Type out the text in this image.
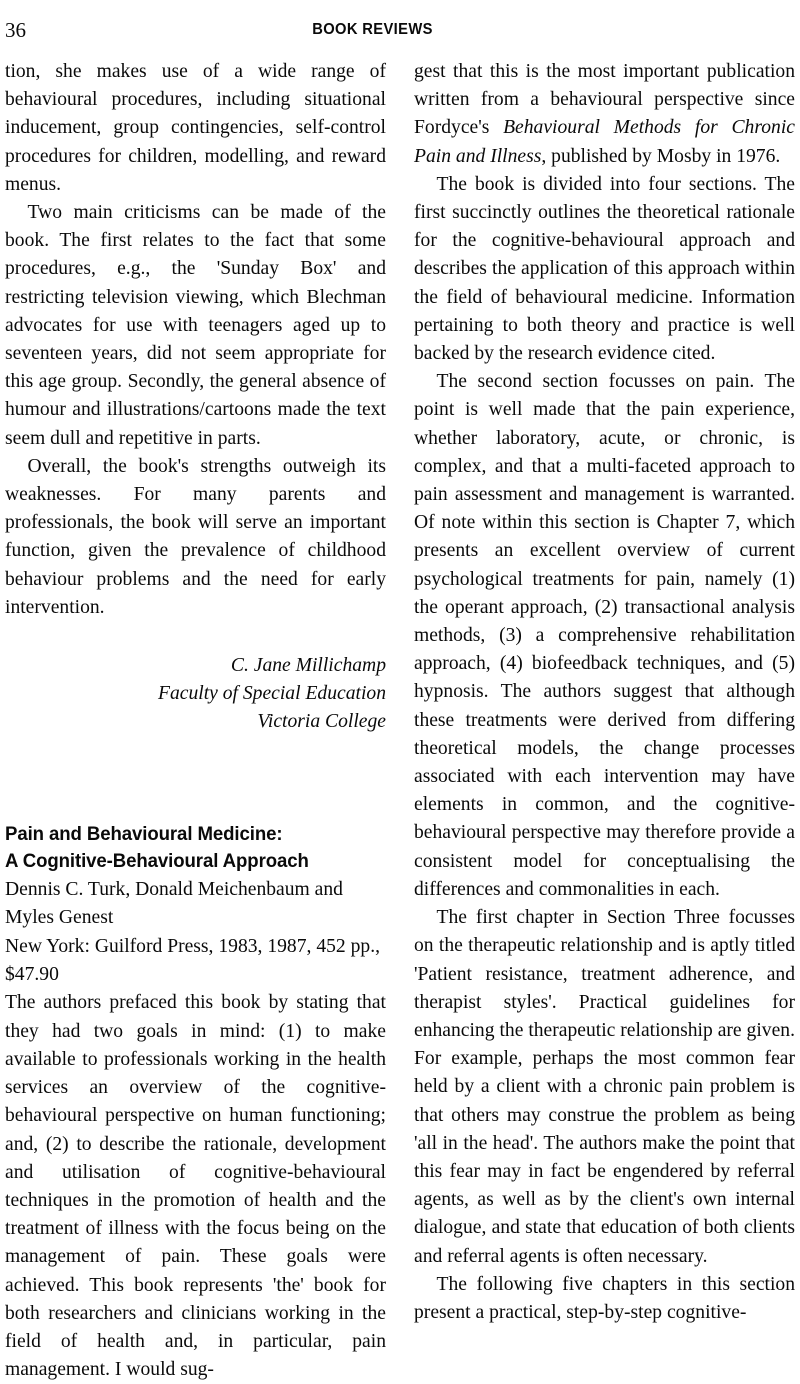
36	BOOK REVIEWS

tion, she makes use of a wide range of behavioural procedures, including situational inducement, group contingencies, self-control procedures for children, modelling, and reward menus.

Two main criticisms can be made of the book. The first relates to the fact that some procedures, e.g., the 'Sunday Box' and restricting television viewing, which Blechman advocates for use with teenagers aged up to seventeen years, did not seem appropriate for this age group. Secondly, the general absence of humour and illustrations/cartoons made the text seem dull and repetitive in parts.

Overall, the book's strengths outweigh its weaknesses. For many parents and professionals, the book will serve an important function, given the prevalence of childhood behaviour problems and the need for early intervention.

C. Jane Millichamp
Faculty of Special Education
Victoria College
Pain and Behavioural Medicine:
A Cognitive-Behavioural Approach
Dennis C. Turk, Donald Meichenbaum and Myles Genest
New York: Guilford Press, 1983, 1987, 452 pp., $47.90

The authors prefaced this book by stating that they had two goals in mind: (1) to make available to professionals working in the health services an overview of the cognitive-behavioural perspective on human functioning; and, (2) to describe the rationale, development and utilisation of cognitive-behavioural techniques in the promotion of health and the treatment of illness with the focus being on the management of pain. These goals were achieved. This book represents 'the' book for both researchers and clinicians working in the field of health and, in particular, pain management. I would sug-

gest that this is the most important publication written from a behavioural perspective since Fordyce's Behavioural Methods for Chronic Pain and Illness, published by Mosby in 1976.

The book is divided into four sections. The first succinctly outlines the theoretical rationale for the cognitive-behavioural approach and describes the application of this approach within the field of behavioural medicine. Information pertaining to both theory and practice is well backed by the research evidence cited.

The second section focusses on pain. The point is well made that the pain experience, whether laboratory, acute, or chronic, is complex, and that a multi-faceted approach to pain assessment and management is warranted. Of note within this section is Chapter 7, which presents an excellent overview of current psychological treatments for pain, namely (1) the operant approach, (2) transactional analysis methods, (3) a comprehensive rehabilitation approach, (4) biofeedback techniques, and (5) hypnosis. The authors suggest that although these treatments were derived from differing theoretical models, the change processes associated with each intervention may have elements in common, and the cognitive-behavioural perspective may therefore provide a consistent model for conceptualising the differences and commonalities in each.

The first chapter in Section Three focusses on the therapeutic relationship and is aptly titled 'Patient resistance, treatment adherence, and therapist styles'. Practical guidelines for enhancing the therapeutic relationship are given. For example, perhaps the most common fear held by a client with a chronic pain problem is that others may construe the problem as being 'all in the head'. The authors make the point that this fear may in fact be engendered by referral agents, as well as by the client's own internal dialogue, and state that education of both clients and referral agents is often necessary.

The following five chapters in this section present a practical, step-by-step cognitive-
